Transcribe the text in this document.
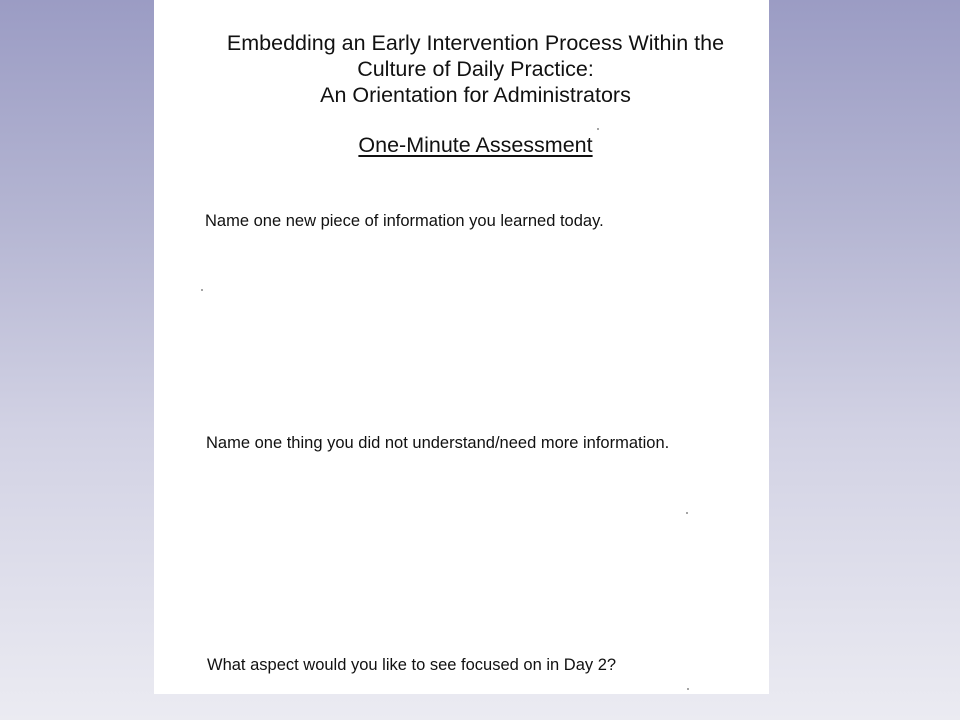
Embedding an Early Intervention Process Within the
Culture of Daily Practice:
An Orientation for Administrators
One-Minute Assessment
Name one new piece of information you learned today.
Name one thing you did not understand/need more information.
What aspect would you like to see focused on in Day 2?
